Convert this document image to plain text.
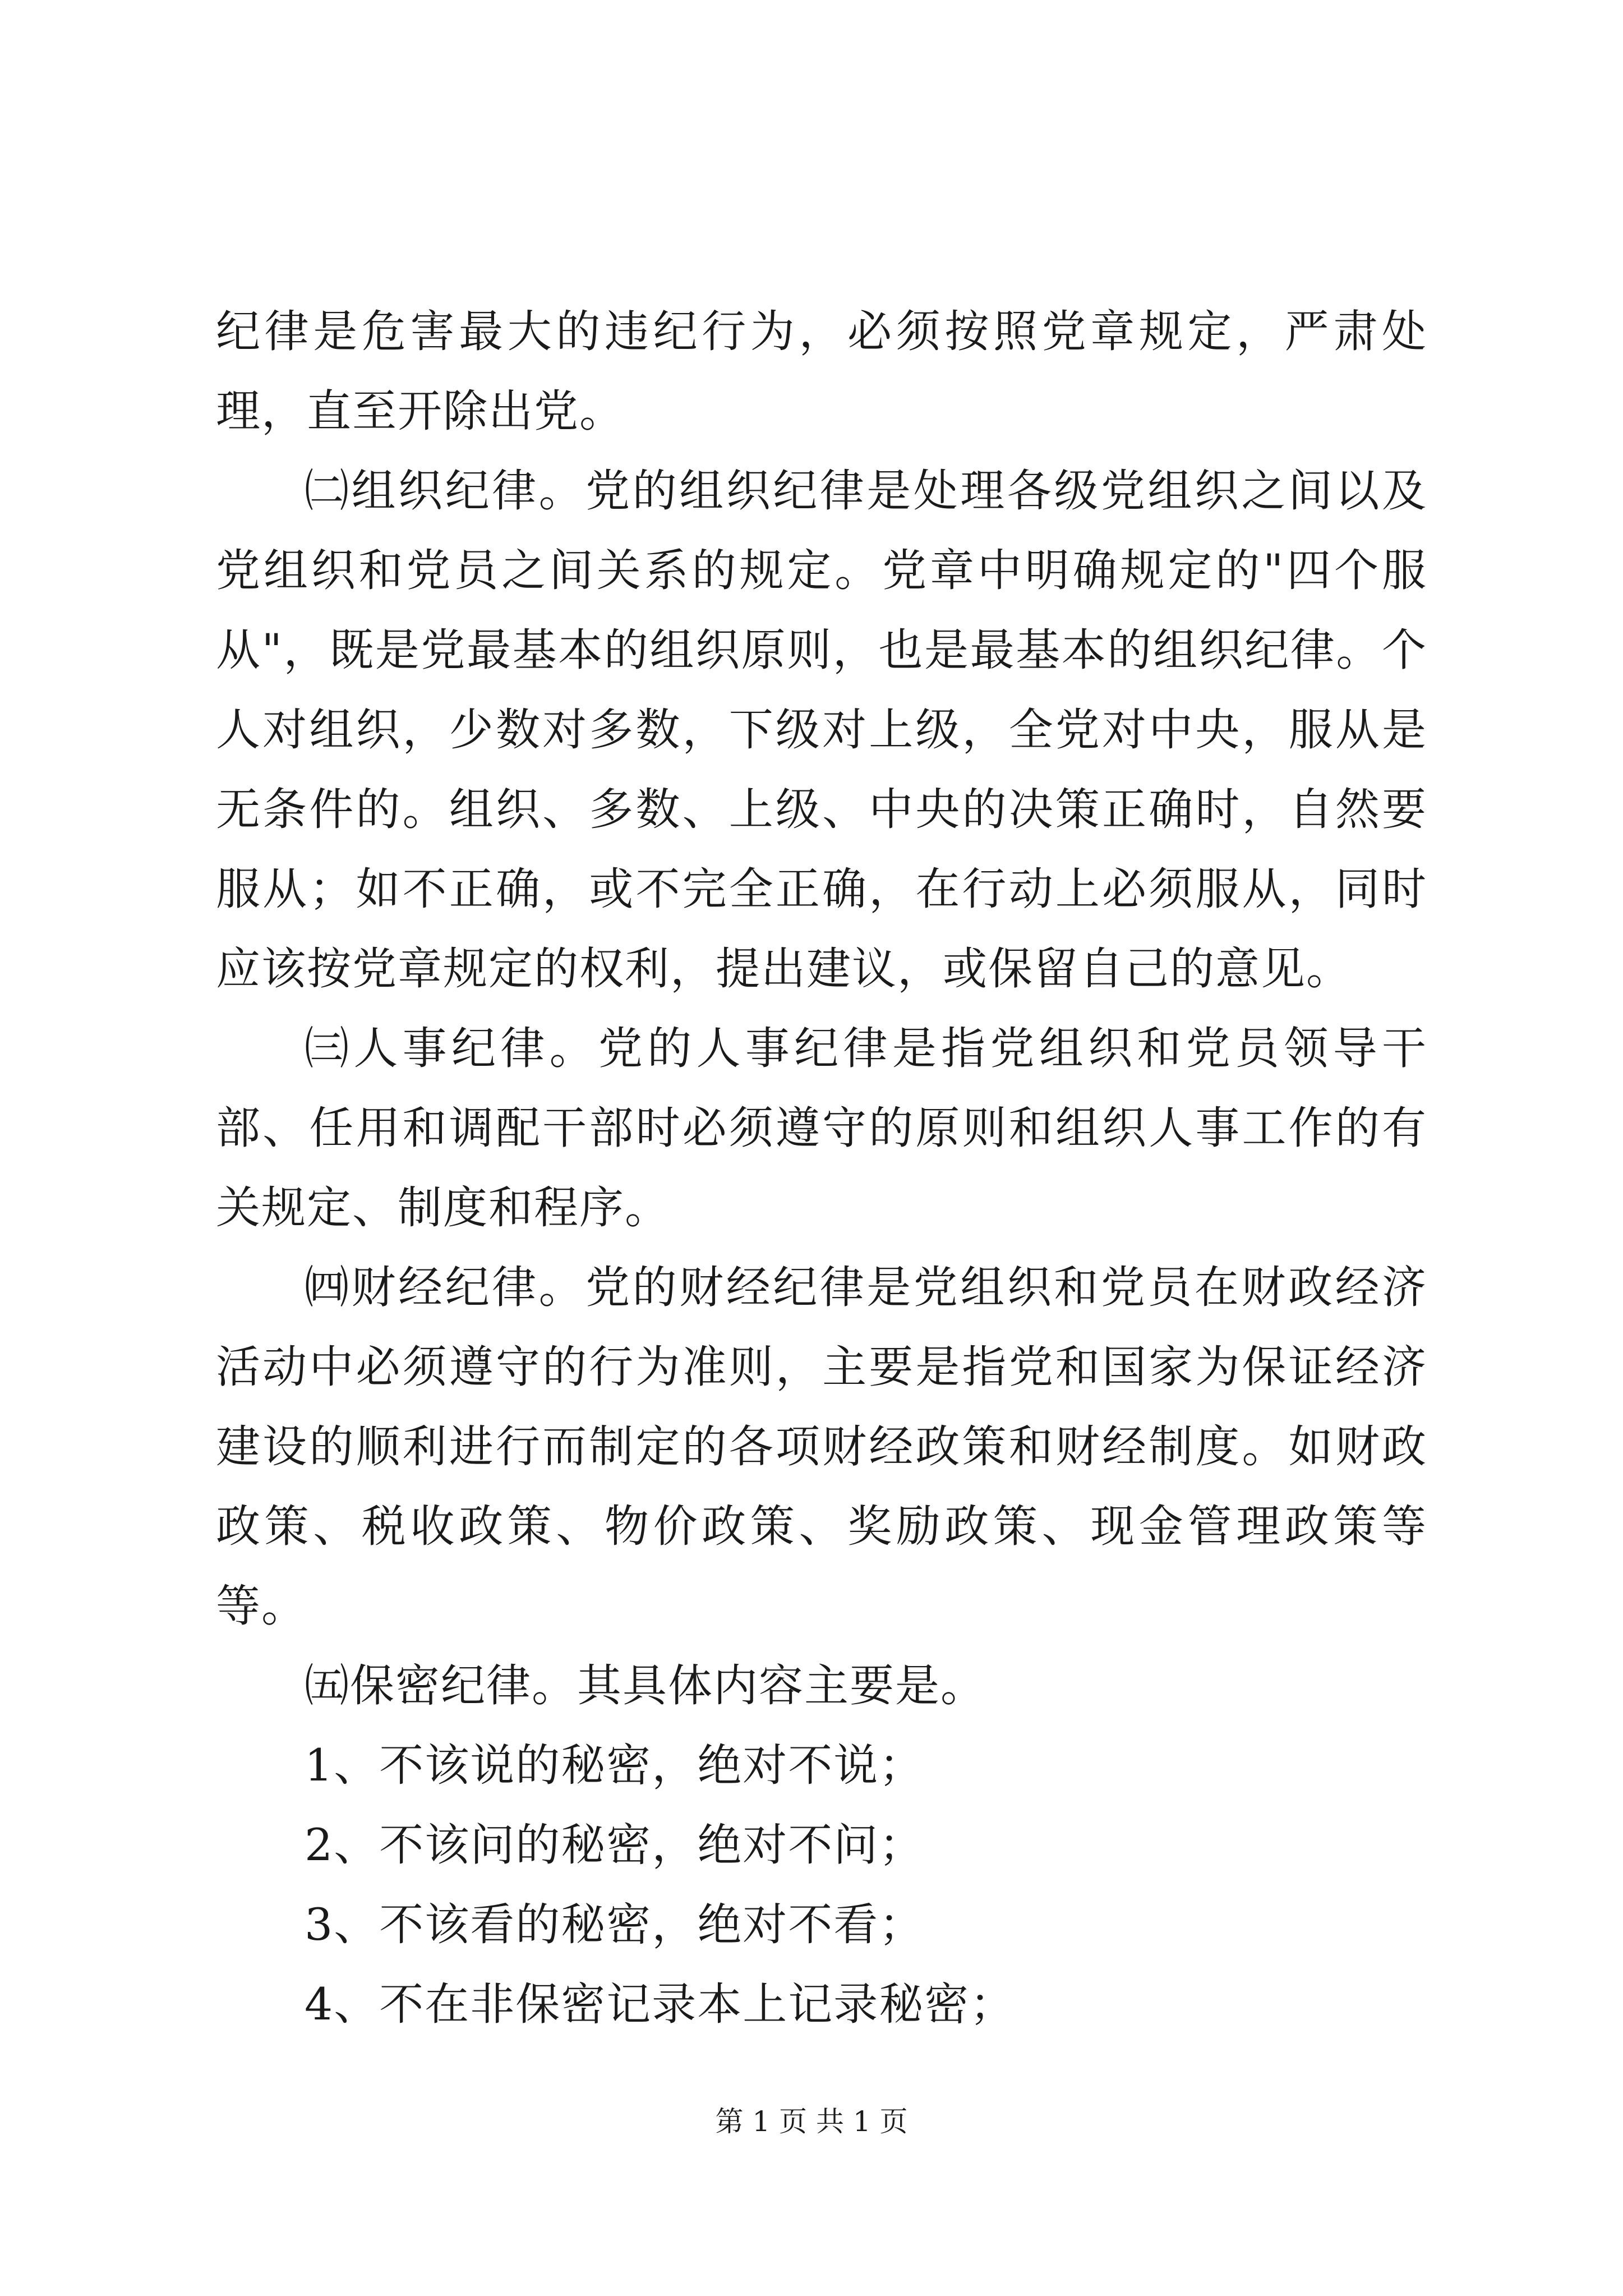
纪律是危害最大的违纪行为，必须按照党章规定，严肃处理，直至开除出党。

㈡组织纪律。党的组织纪律是处理各级党组织之间以及党组织和党员之间关系的规定。党章中明确规定的"四个服从"，既是党最基本的组织原则，也是最基本的组织纪律。个人对组织，少数对多数，下级对上级，全党对中央，服从是无条件的。组织、多数、上级、中央的决策正确时，自然要服从；如不正确，或不完全正确，在行动上必须服从，同时应该按党章规定的权利，提出建议，或保留自己的意见。

㈢人事纪律。党的人事纪律是指党组织和党员领导干部、任用和调配干部时必须遵守的原则和组织人事工作的有关规定、制度和程序。

㈣财经纪律。党的财经纪律是党组织和党员在财政经济活动中必须遵守的行为准则，主要是指党和国家为保证经济建设的顺利进行而制定的各项财经政策和财经制度。如财政政策、税收政策、物价政策、奖励政策、现金管理政策等等。

㈤保密纪律。其具体内容主要是。

1、不该说的秘密，绝对不说；

2、不该问的秘密，绝对不问；

3、不该看的秘密，绝对不看；

4、不在非保密记录本上记录秘密；

第 1 页 共 1 页
